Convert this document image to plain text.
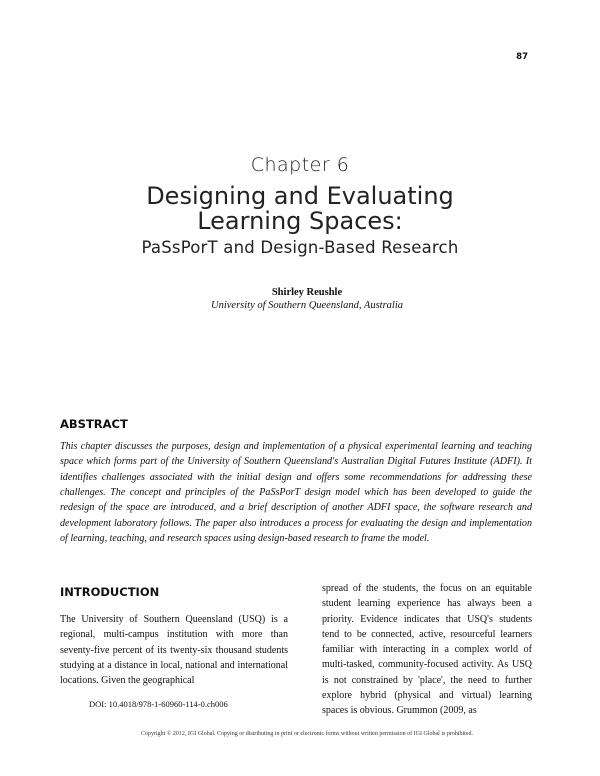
87
Chapter 6
Designing and Evaluating
Learning Spaces:
PaSsPorT and Design-Based Research
Shirley Reushle
University of Southern Queensland, Australia
ABSTRACT

This chapter discusses the purposes, design and implementation of a physical experimental learning and teaching space which forms part of the University of Southern Queensland's Australian Digital Futures Institute (ADFI). It identifies challenges associated with the initial design and offers some recommendations for addressing these challenges. The concept and principles of the PaSsPorT design model which has been developed to guide the redesign of the space are introduced, and a brief description of another ADFI space, the software research and development laboratory follows. The paper also introduces a process for evaluating the design and implementation of learning, teaching, and research spaces using design-based research to frame the model.

INTRODUCTION

The University of Southern Queensland (USQ) is a regional, multi-campus institution with more than seventy-five percent of its twenty-six thousand students studying at a distance in local, national and international locations. Given the geographical

spread of the students, the focus on an equitable student learning experience has always been a priority. Evidence indicates that USQ's students tend to be connected, active, resourceful learners familiar with interacting in a complex world of multi-tasked, community-focused activity. As USQ is not constrained by 'place', the need to further explore hybrid (physical and virtual) learning spaces is obvious. Grummon (2009, as

DOI: 10.4018/978-1-60960-114-0.ch006
Copyright © 2012, IGI Global. Copying or distributing in print or electronic forms without written permission of IGI Global is prohibited.
